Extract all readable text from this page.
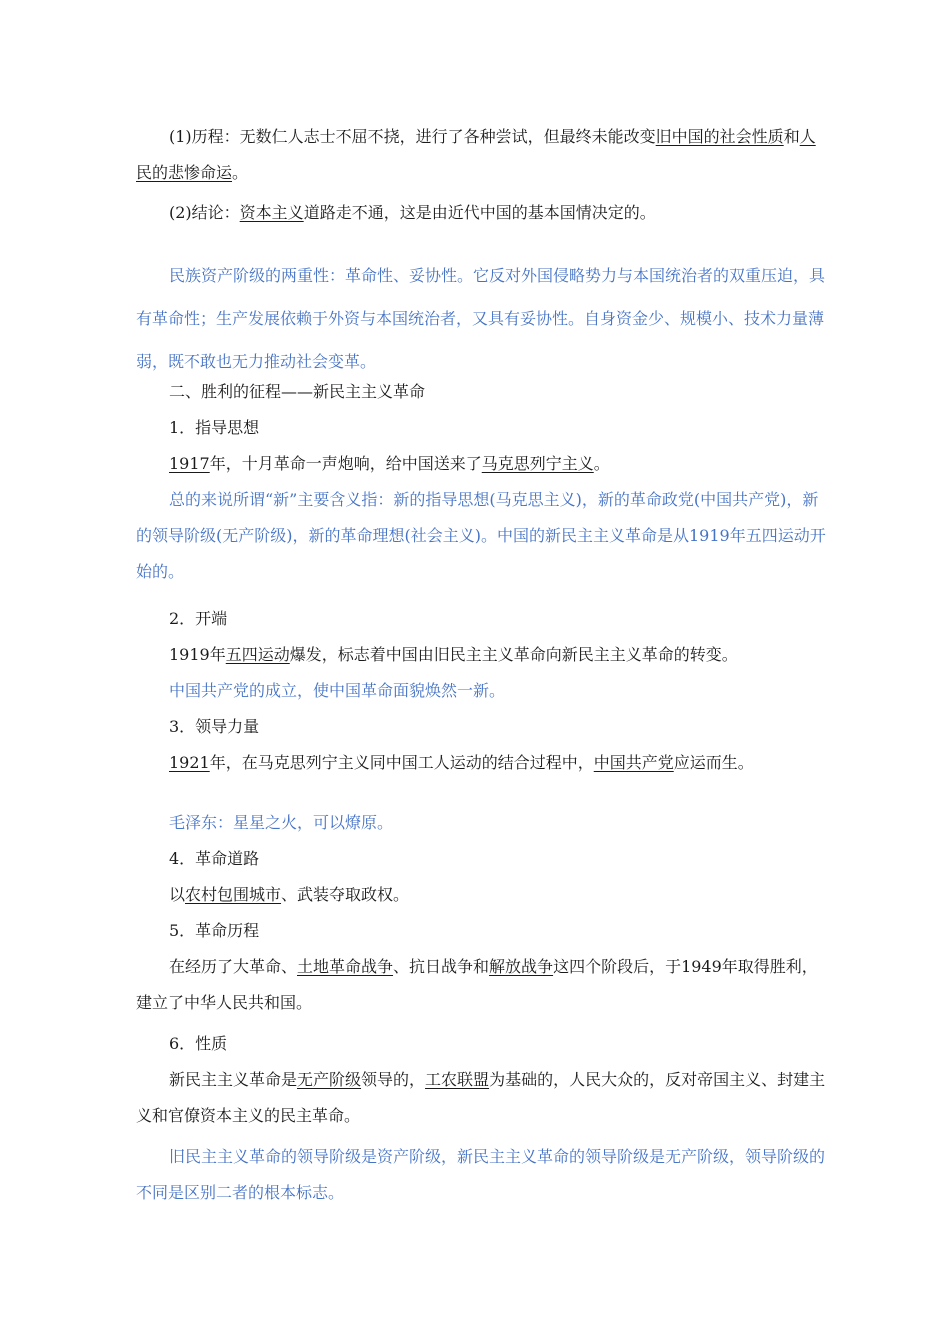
(1)历程：无数仁人志士不屈不挠，进行了各种尝试，但最终未能改变旧中国的社会性质和人民的悲惨命运。

(2)结论：资本主义道路走不通，这是由近代中国的基本国情决定的。

民族资产阶级的两重性：革命性、妥协性。它反对外国侵略势力与本国统治者的双重压迫，具有革命性；生产发展依赖于外资与本国统治者，又具有妥协性。自身资金少、规模小、技术力量薄弱，既不敢也无力推动社会变革。

二、胜利的征程——新民主主义革命

1．指导思想

1917年，十月革命一声炮响，给中国送来了马克思列宁主义。

总的来说所谓“新”主要含义指：新的指导思想(马克思主义)，新的革命政党(中国共产党)，新的领导阶级(无产阶级)，新的革命理想(社会主义)。中国的新民主主义革命是从1919年五四运动开始的。

2．开端

1919年五四运动爆发，标志着中国由旧民主主义革命向新民主主义革命的转变。

中国共产党的成立，使中国革命面貌焕然一新。

3．领导力量

1921年，在马克思列宁主义同中国工人运动的结合过程中，中国共产党应运而生。

毛泽东：星星之火，可以燎原。

4．革命道路

以农村包围城市、武装夺取政权。

5．革命历程

在经历了大革命、土地革命战争、抗日战争和解放战争这四个阶段后，于1949年取得胜利，建立了中华人民共和国。

6．性质

新民主主义革命是无产阶级领导的，工农联盟为基础的，人民大众的，反对帝国主义、封建主义和官僚资本主义的民主革命。

旧民主主义革命的领导阶级是资产阶级，新民主主义革命的领导阶级是无产阶级，领导阶级的不同是区别二者的根本标志。
